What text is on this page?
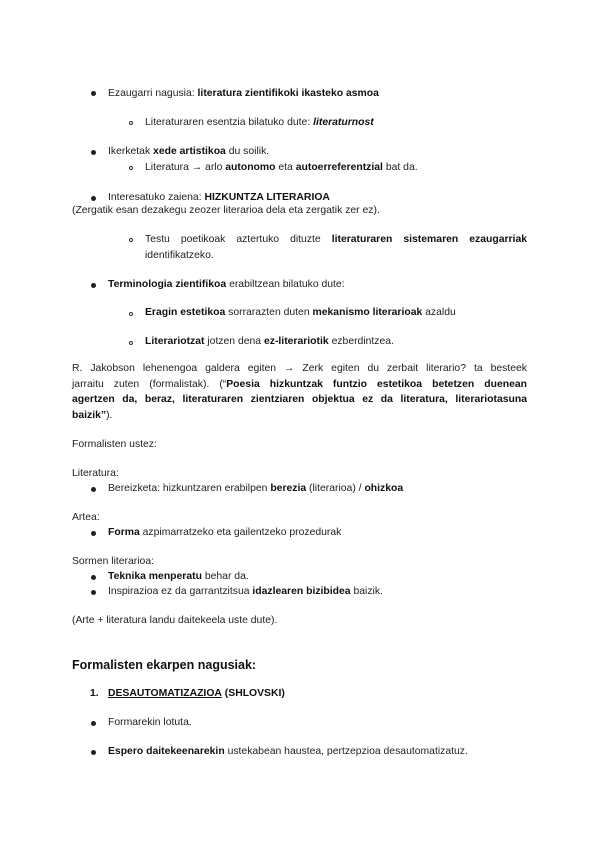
Ezaugarri nagusia: literatura zientifikoki ikasteko asmoa
Literaturaren esentzia bilatuko dute: literaturnost
Ikerketak xede artistikoa du soilik.
Literatura → arlo autonomo eta autoerreferentzial bat da.
Interesatuko zaiena: HIZKUNTZA LITERARIOA
(Zergatik esan dezakegu zeozer literarioa dela eta zergatik zer ez).
Testu poetikoak aztertuko dituzte literaturaren sistemaren ezaugarriak
identifikatzeko.
Terminologia zientifikoa erabiltzean bilatuko dute:
Eragin estetikoa sorrarazten duten mekanismo literarioak azaldu
Literariotzat jotzen dena ez-literariotik ezberdintzea.
R. Jakobson lehenengoa galdera egiten → Zerk egiten du zerbait literario? ta besteek
jarraitu zuten (formalistak). (“Poesia hizkuntzak funtzio estetikoa betetzen duenean
agertzen da, beraz, literaturaren zientziaren objektua ez da literatura, literariotasuna
baizik”).
Formalisten ustez:
Literatura:
Bereizketa: hizkuntzaren erabilpen berezia (literarioa) / ohizkoa
Artea:
Forma azpimarratzeko eta gailentzeko prozedurak
Sormen literarioa:
Teknika menperatu behar da.
Inspirazioa ez da garrantzitsua idazlearen bizibidea baizik.
(Arte + literatura landu daitekeela uste dute).
Formalisten ekarpen nagusiak:
1. DESAUTOMATIZAZIOA (SHLOVSKI)
Formarekin lotuta.
Espero daitekeenarekin ustekabean haustea, pertzepzioa desautomatizatuz.
